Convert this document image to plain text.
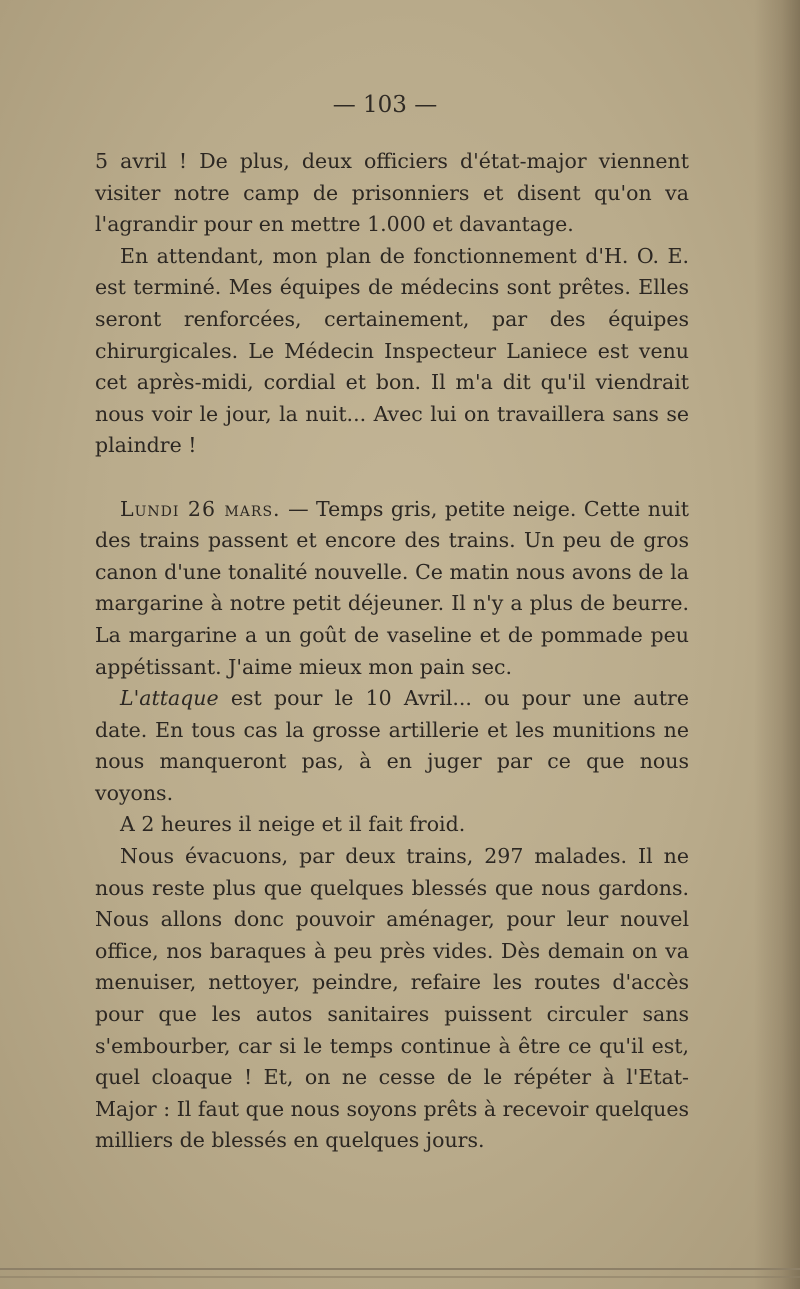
— 103 —

5 avril ! De plus, deux officiers d'état-major viennent visiter notre camp de prisonniers et disent qu'on va l'agrandir pour en mettre 1.000 et davantage.

En attendant, mon plan de fonctionnement d'H. O. E. est terminé. Mes équipes de médecins sont prêtes. Elles seront renforcées, certainement, par des équipes chirurgicales. Le Médecin Inspecteur Laniece est venu cet après-midi, cordial et bon. Il m'a dit qu'il viendrait nous voir le jour, la nuit... Avec lui on travaillera sans se plaindre !

Lundi 26 mars. — Temps gris, petite neige. Cette nuit des trains passent et encore des trains. Un peu de gros canon d'une tonalité nouvelle. Ce matin nous avons de la margarine à notre petit déjeuner. Il n'y a plus de beurre. La margarine a un goût de vaseline et de pommade peu appétissant. J'aime mieux mon pain sec.

L'attaque est pour le 10 Avril... ou pour une autre date. En tous cas la grosse artillerie et les munitions ne nous manqueront pas, à en juger par ce que nous voyons.

A 2 heures il neige et il fait froid.

Nous évacuons, par deux trains, 297 malades. Il ne nous reste plus que quelques blessés que nous gardons. Nous allons donc pouvoir aménager, pour leur nouvel office, nos baraques à peu près vides. Dès demain on va menuiser, nettoyer, peindre, refaire les routes d'accès pour que les autos sanitaires puissent circuler sans s'embourber, car si le temps continue à être ce qu'il est, quel cloaque ! Et, on ne cesse de le répéter à l'Etat-Major : Il faut que nous soyons prêts à recevoir quelques milliers de blessés en quelques jours.
